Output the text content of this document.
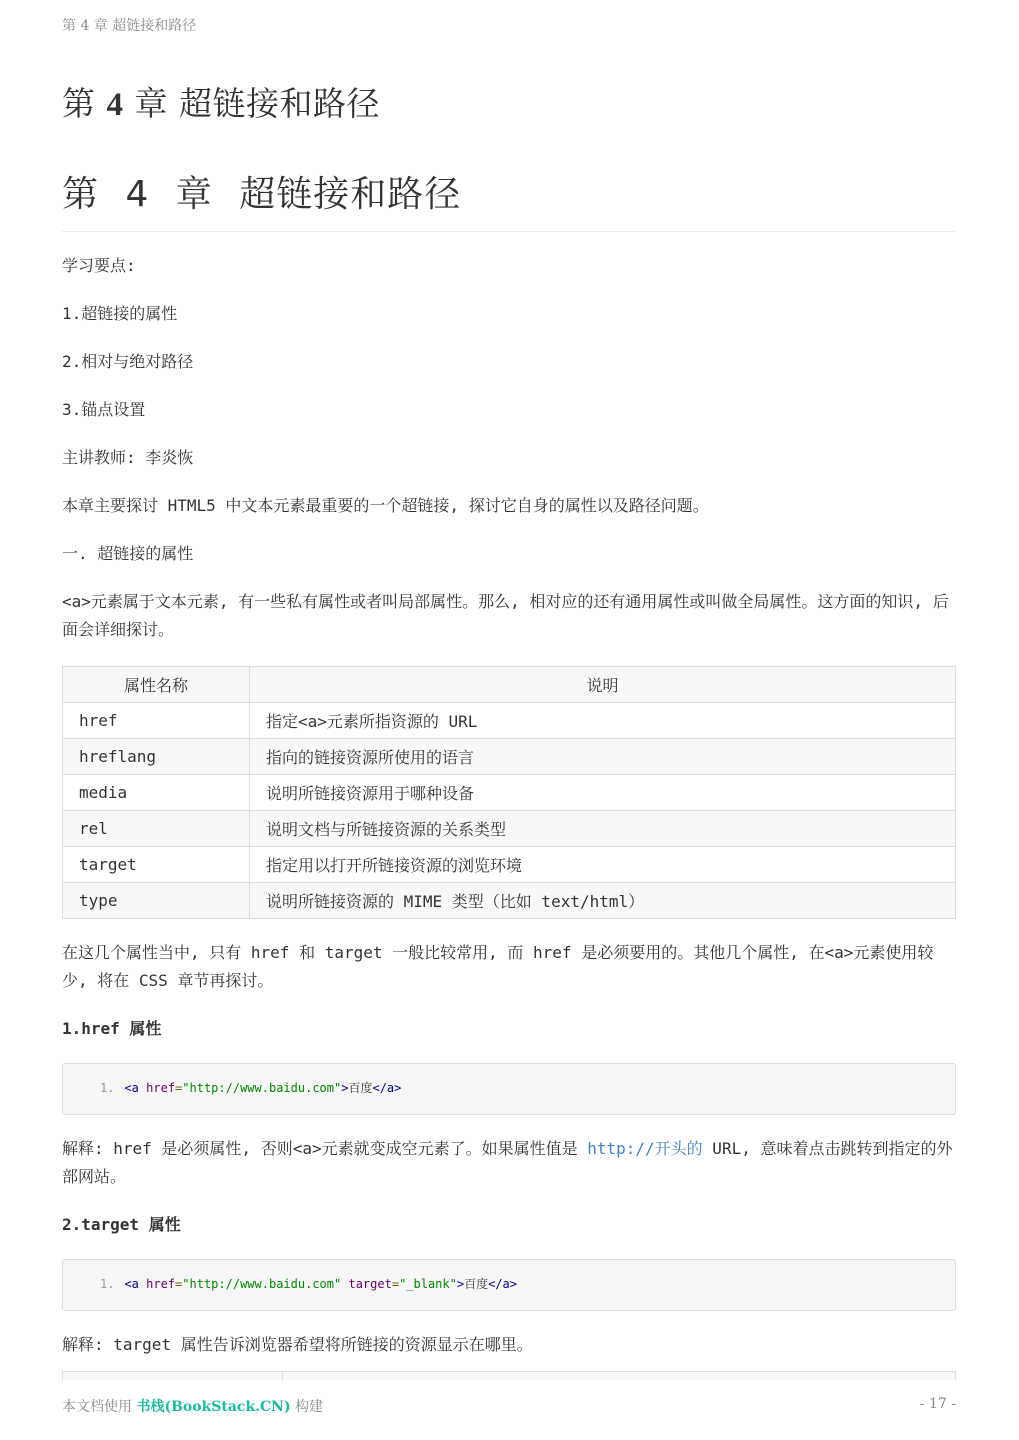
第 4 章 超链接和路径
第 4 章 超链接和路径
第 4 章 超链接和路径

学习要点:

1.超链接的属性

2.相对与绝对路径

3.锚点设置

主讲教师: 李炎恢

本章主要探讨 HTML5 中文本元素最重要的一个超链接, 探讨它自身的属性以及路径问题。

一. 超链接的属性

<a>元素属于文本元素, 有一些私有属性或者叫局部属性。那么, 相对应的还有通用属性或叫做全局属性。这方面的知识, 后面会详细探讨。

属性名称	说明
href	指定<a>元素所指资源的 URL
hreflang	指向的链接资源所使用的语言
media	说明所链接资源用于哪种设备
rel	说明文档与所链接资源的关系类型
target	指定用以打开所链接资源的浏览环境
type	说明所链接资源的 MIME 类型（比如 text/html）

在这几个属性当中, 只有 href 和 target 一般比较常用, 而 href 是必须要用的。其他几个属性, 在<a>元素使用较少, 将在 CSS 章节再探讨。

1.href 属性

1. <a href="http://www.baidu.com">百度</a>

解释: href 是必须属性, 否则<a>元素就变成空元素了。如果属性值是 http://开头的 URL, 意味着点击跳转到指定的外部网站。

2.target 属性

1. <a href="http://www.baidu.com" target="_blank">百度</a>

解释: target 属性告诉浏览器希望将所链接的资源显示在哪里。

本文档使用 书栈(BookStack.CN) 构建	- 17 -
